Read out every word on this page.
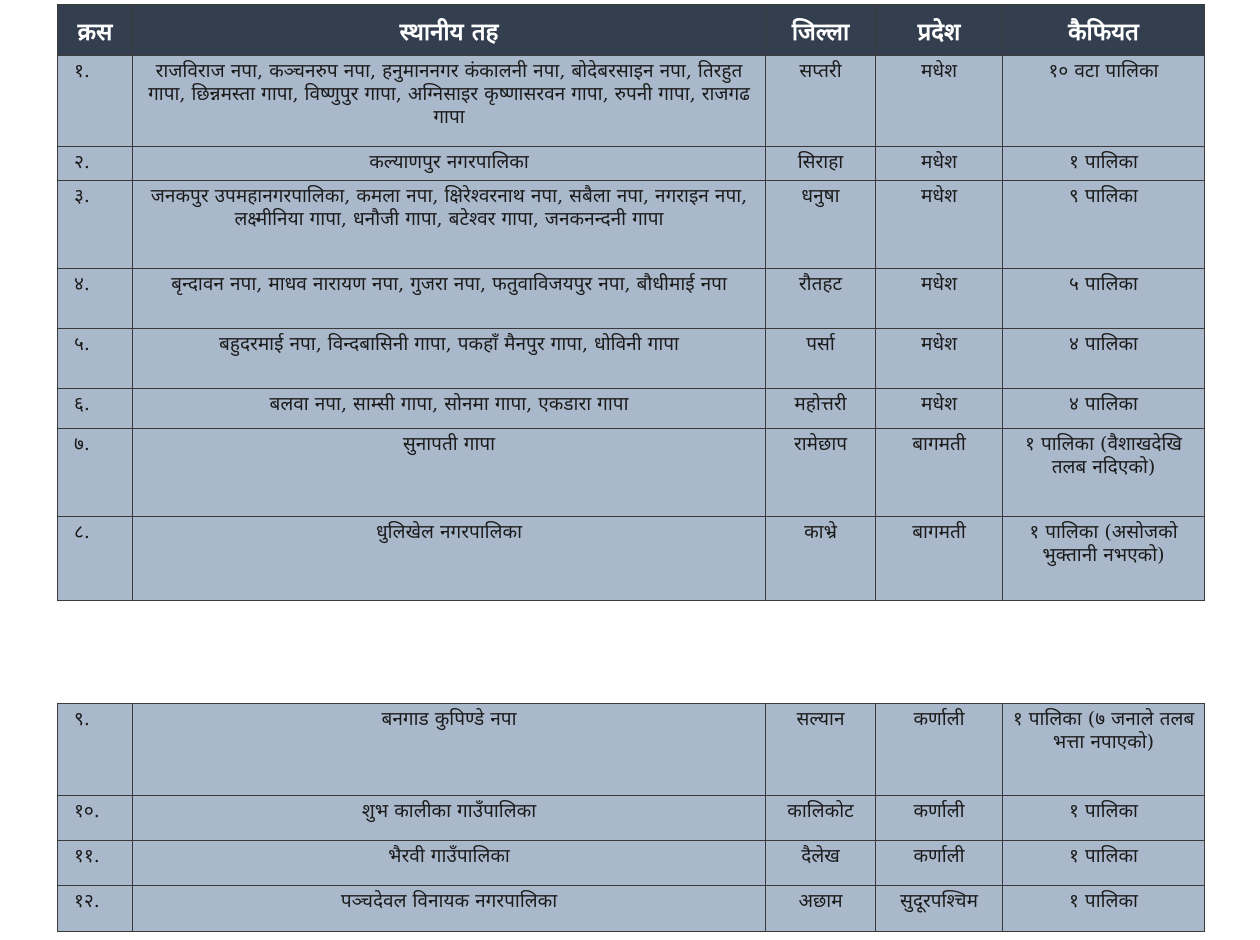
क्रस	स्थानीय तह	जिल्ला	प्रदेश	कैफियत
१.	राजविराज नपा, कञ्चनरुप नपा, हनुमाननगर कंकालनी नपा, बोदेबरसाइन नपा, तिरहुत गापा, छिन्नमस्ता गापा, विष्णुपुर गापा, अग्निसाइर कृष्णासरवन गापा, रुपनी गापा, राजगढ गापा	सप्तरी	मधेश	१० वटा पालिका
२.	कल्याणपुर नगरपालिका	सिराहा	मधेश	१ पालिका
३.	जनकपुर उपमहानगरपालिका, कमला नपा, क्षिरेश्वरनाथ नपा, सबैला नपा, नगराइन नपा, लक्ष्मीनिया गापा, धनौजी गापा, बटेश्वर गापा, जनकनन्दनी गापा	धनुषा	मधेश	९ पालिका
४.	बृन्दावन नपा, माधव नारायण नपा, गुजरा नपा, फतुवाविजयपुर नपा, बौधीमाई नपा	रौतहट	मधेश	५ पालिका
५.	बहुदरमाई नपा, विन्दबासिनी गापा, पकहाँ मैनपुर गापा, धोविनी गापा	पर्सा	मधेश	४ पालिका
६.	बलवा नपा, साम्सी गापा, सोनमा गापा, एकडारा गापा	महोत्तरी	मधेश	४ पालिका
७.	सुनापती गापा	रामेछाप	बागमती	१ पालिका (वैशाखदेखि तलब नदिएको)
८.	धुलिखेल नगरपालिका	काभ्रे	बागमती	१ पालिका (असोजको भुक्तानी नभएको)
९.	बनगाड कुपिण्डे नपा	सल्यान	कर्णाली	१ पालिका (७ जनाले तलब भत्ता नपाएको)
१०.	शुभ कालीका गाउँपालिका	कालिकोट	कर्णाली	१ पालिका
११.	भैरवी गाउँपालिका	दैलेख	कर्णाली	१ पालिका
१२.	पञ्चदेवल विनायक नगरपालिका	अछाम	सुदूरपश्चिम	१ पालिका
